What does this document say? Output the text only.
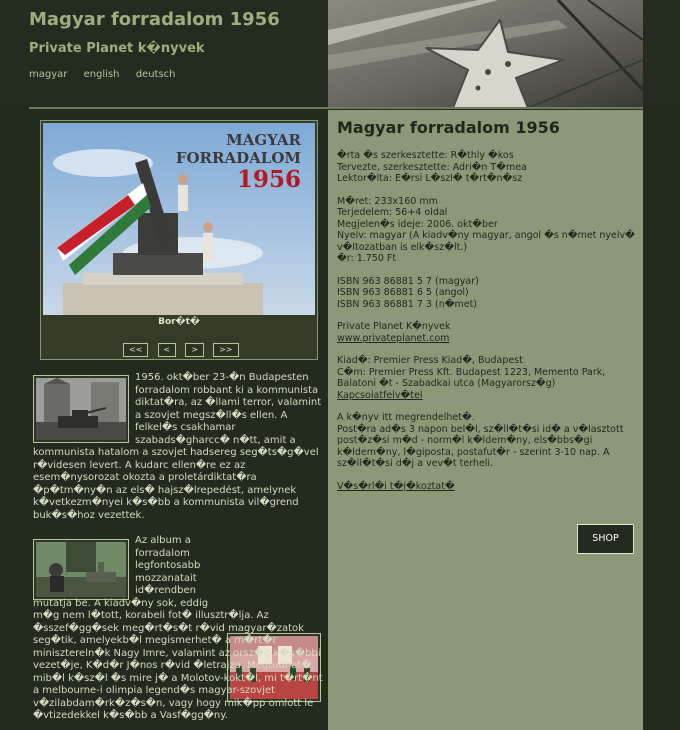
Magyar forradalom 1956
Private Planet k�nyvek
magyar english deutsch
MAGYAR
FORRADALOM
1956
Bor�t�
<<	<	>	>>

1956. okt�ber 23-�n Budapesten forradalom robbant ki a kommunista diktat�ra, az �llami terror, valamint a szovjet megsz�ll�s ellen. A felkel�s csakhamar szabads�gharcc� n�tt, amit a kommunista hatalom a szovjet hadsereg seg�ts�g�vel r�videsen levert. A kudarc ellen�re ez az esem�nysorozat okozta a proletárdiktat�ra �p�tm�ny�n az els� hajsz�lrepedést, amelynek k�vetkezm�nyei k�s�bb a kommunista vil�grend buk�s�hoz vezettek.

Az album a forradalom legfontosabb mozzanatait id�rendben mutatja be. A kiadv�ny sok, eddig m�g nem l�tott, korabeli fot� illusztr�lja. Az �sszef�gg�sek meg�rt�s�t r�vid magyar�zatok seg�tik, amelyekb�l megismerhet� a m�rt�r minisztereln�k Nagy Imre, valamint az orsz�g k�s�bbi vezet�je, K�d�r J�nos r�vid �letrajza. Megtudhat�, mib�l k�sz�l �s mire j� a Molotov-kokt�l, mi t�rt�nt a melbourne-i olimpia legend�s magyar-szovjet v�zilabdam�rk�z�s�n, vagy hogy mik�pp omlott le �vtizedekkel k�s�bb a Vasf�gg�ny.

Magyar forradalom 1956

�rta �s szerkesztette: R�thly �kos
Tervezte, szerkesztette: Adri�n T�mea
Lektor�lta: E�rsi L�szl� t�rt�n�sz

M�ret: 233x160 mm
Terjedelem: 56+4 oldal
Megjelen�s ideje: 2006. okt�ber
Nyelv: magyar (A kiadv�ny magyar, angol �s n�met nyelv� v�ltozatban is elk�sz�lt.)
�r: 1.750 Ft

ISBN 963 86881 5 7 (magyar)
ISBN 963 86881 6 5 (angol)
ISBN 963 86881 7 3 (n�met)

Private Planet K�nyvek
www.privateplanet.com

Kiad�: Premier Press Kiad�, Budapest
C�m: Premier Press Kft. Budapest 1223, Memento Park, Balatoni �t - Szabadkai utca (Magyarorsz�g)
Kapcsolatfelv�tel

A k�nyv itt megrendelhet�.
Post�ra ad�s 3 napon bel�l, sz�ll�t�si id� a v�lasztott post�z�si m�d - norm�l k�ldem�ny, els�bbs�gi k�ldem�ny, l�giposta, postafut�r - szerint 3-10 nap. A sz�ll�t�si d�j a vev�t terheli.

V�s�rl�i t�j�koztat�

SHOP
